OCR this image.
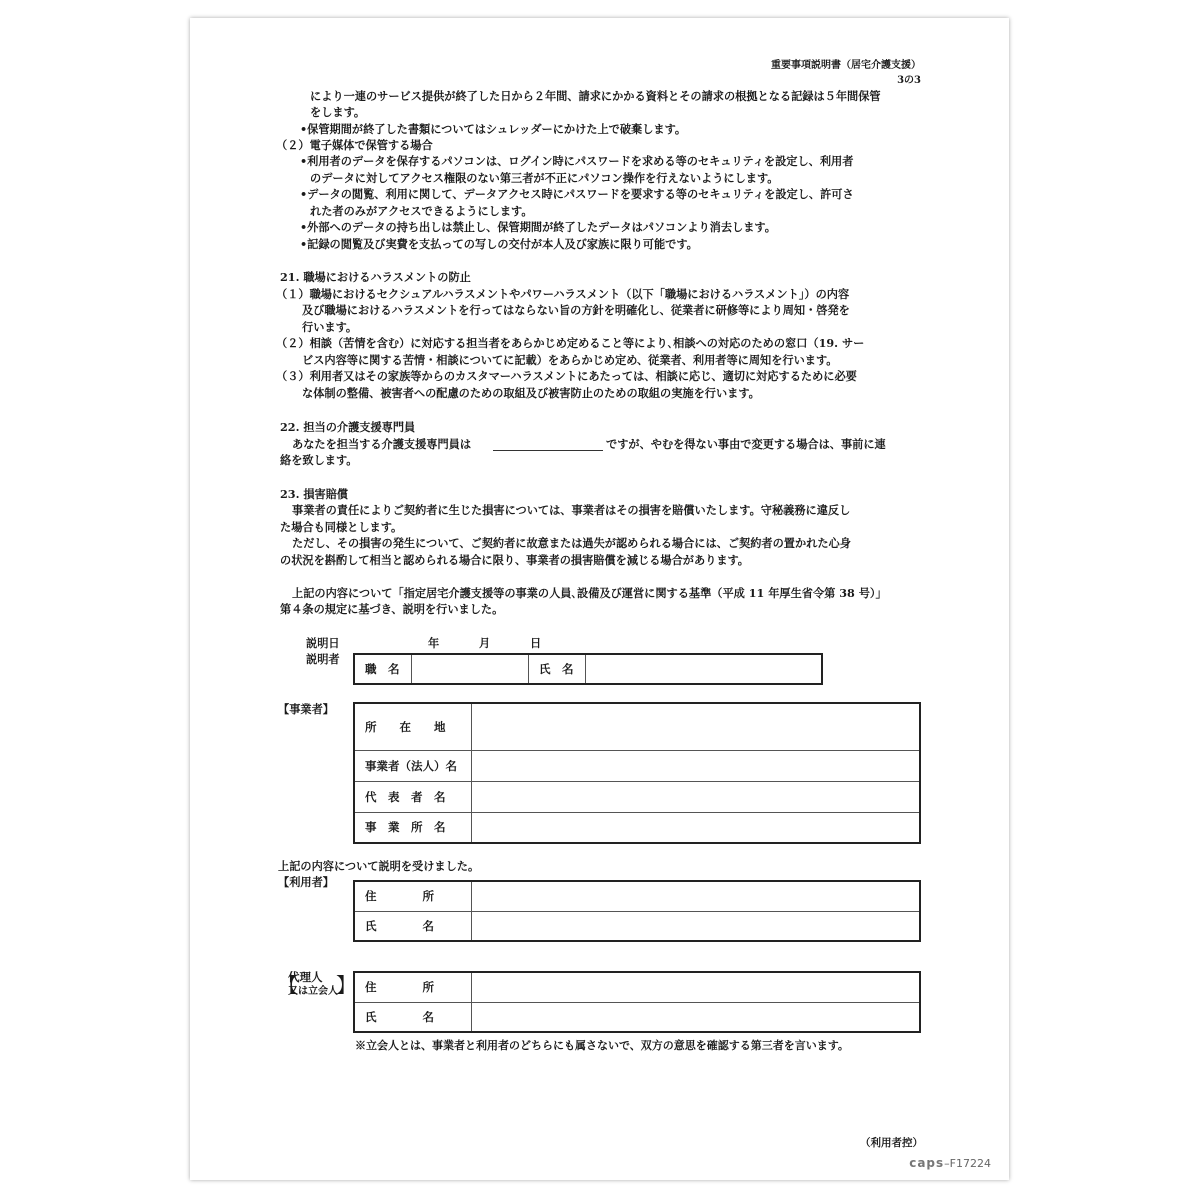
重要事項説明書（居宅介護支援）
3の3
により一連のサービス提供が終了した日から２年間、請求にかかる資料とその請求の根拠となる記録は５年間保管
をします。
•保管期間が終了した書類についてはシュレッダーにかけた上で破棄します。
（２）電子媒体で保管する場合
•利用者のデータを保存するパソコンは、ログイン時にパスワードを求める等のセキュリティを設定し、利用者
のデータに対してアクセス権限のない第三者が不正にパソコン操作を行えないようにします。
•データの閲覧、利用に関して、データアクセス時にパスワードを要求する等のセキュリティを設定し、許可さ
れた者のみがアクセスできるようにします。
•外部へのデータの持ち出しは禁止し、保管期間が終了したデータはパソコンより消去します。
•記録の閲覧及び実費を支払っての写しの交付が本人及び家族に限り可能です。
21. 職場におけるハラスメントの防止
（１）職場におけるセクシュアルハラスメントやパワーハラスメント（以下「職場におけるハラスメント」）の内容
及び職場におけるハラスメントを行ってはならない旨の方針を明確化し、従業者に研修等により周知・啓発を
行います。
（２）相談（苦情を含む）に対応する担当者をあらかじめ定めること等により､相談への対応のための窓口（19. サー
ビス内容等に関する苦情・相談についてに記載）をあらかじめ定め、従業者、利用者等に周知を行います。
（３）利用者又はその家族等からのカスタマーハラスメントにあたっては、相談に応じ、適切に対応するために必要
な体制の整備、被害者への配慮のための取組及び被害防止のための取組の実施を行います。
22. 担当の介護支援専門員
あなたを担当する介護支援専門員は	ですが、やむを得ない事由で変更する場合は、事前に連
絡を致します。
23. 損害賠償
事業者の責任によりご契約者に生じた損害については、事業者はその損害を賠償いたします。守秘義務に違反し
た場合も同様とします。
ただし、その損害の発生について、ご契約者に故意または過失が認められる場合には、ご契約者の置かれた心身
の状況を斟酌して相当と認められる場合に限り、事業者の損害賠償を減じる場合があります。
上記の内容について「指定居宅介護支援等の事業の人員､設備及び運営に関する基準（平成 11 年厚生省令第 38 号）」
第４条の規定に基づき、説明を行いました。
説明日	年	月	日
説明者
職　名		氏　名	
【事業者】
所　　在　　地	
事業者（法人）名	
代　表　者　名	
事　業　所　名	
上記の内容について説明を受けました。
【利用者】
住　　　　所	
氏　　　　名	
【
代理人
又は立会人
】 住　　　　所	
氏　　　　名	
※立会人とは、事業者と利用者のどちらにも属さないで、双方の意思を確認する第三者を言います。
（利用者控）
caps–F17224
